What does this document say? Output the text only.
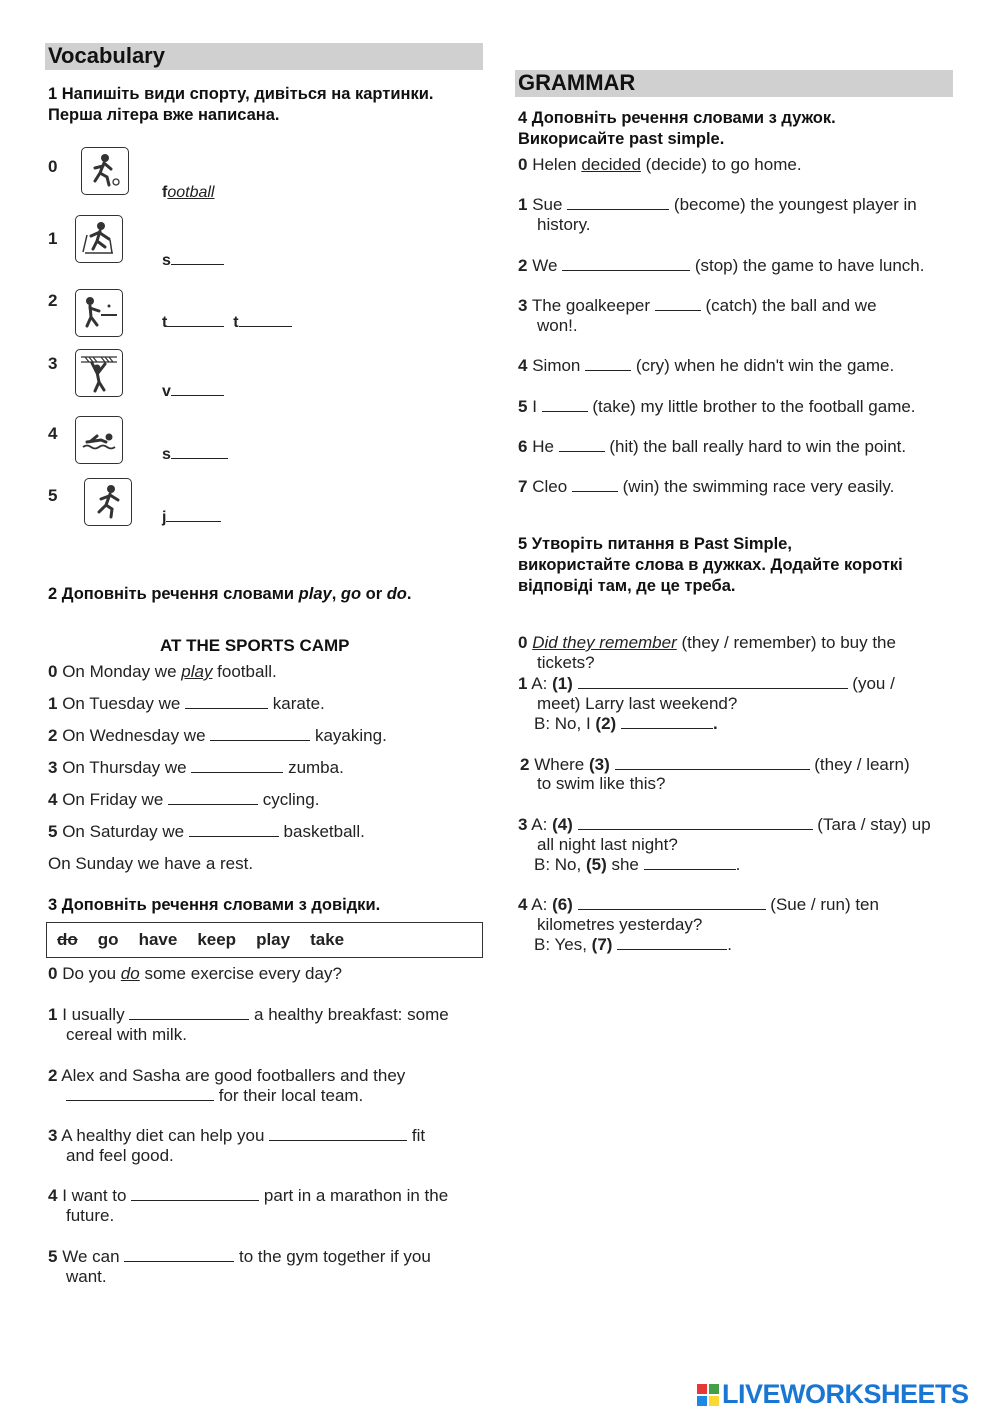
Vocabulary
1 Напишіть види спорту, дивіться на картинки.
Перша літера вже написана.
0
football
1
s
2
t	t
3
v
4
s
5
j
2 Доповніть речення словами play, go or do.
AT THE SPORTS CAMP
0 On Monday we play football.
1 On Tuesday we	karate.
2 On Wednesday we	kayaking.
3 On Thursday we	zumba.
4 On Friday we	cycling.
5 On Saturday we	basketball.
On Sunday we have a rest.
3 Доповніть речення словами з довідки.
do go have keep play take
0 Do you do some exercise every day?
1 I usually	a healthy breakfast: some
cereal with milk.
2 Alex and Sasha are good footballers and they
for their local team.
3 A healthy diet can help you	fit
and feel good.
4 I want to	part in a marathon in the
future.
5 We can	to the gym together if you
want.
GRAMMAR
4 Доповніть речення словами з дужок.
Викорисайте past simple.
0 Helen decided (decide) to go home.
1 Sue	(become) the youngest player in
history.
2 We	(stop) the game to have lunch.
3 The goalkeeper	(catch) the ball and we
won!.
4 Simon	(cry) when he didn't win the game.
5 I	(take) my little brother to the football game.
6 He	(hit) the ball really hard to win the point.
7 Cleo	(win) the swimming race very easily.
5 Утворіть питання в Past Simple,
використайте слова в дужках. Додайте короткі
відповіді там, де це треба.
0 Did they remember (they / remember) to buy the
tickets?
1 A: (1)	(you /
meet) Larry last weekend?
B: No, I (2)	.
2 Where (3)	(they / learn)
to swim like this?
3 A: (4)	(Tara / stay) up
all night last night?
B: No, (5) she	.
4 A: (6)	(Sue / run) ten
kilometres yesterday?
B: Yes, (7)	.
LIVEWORKSHEETS
